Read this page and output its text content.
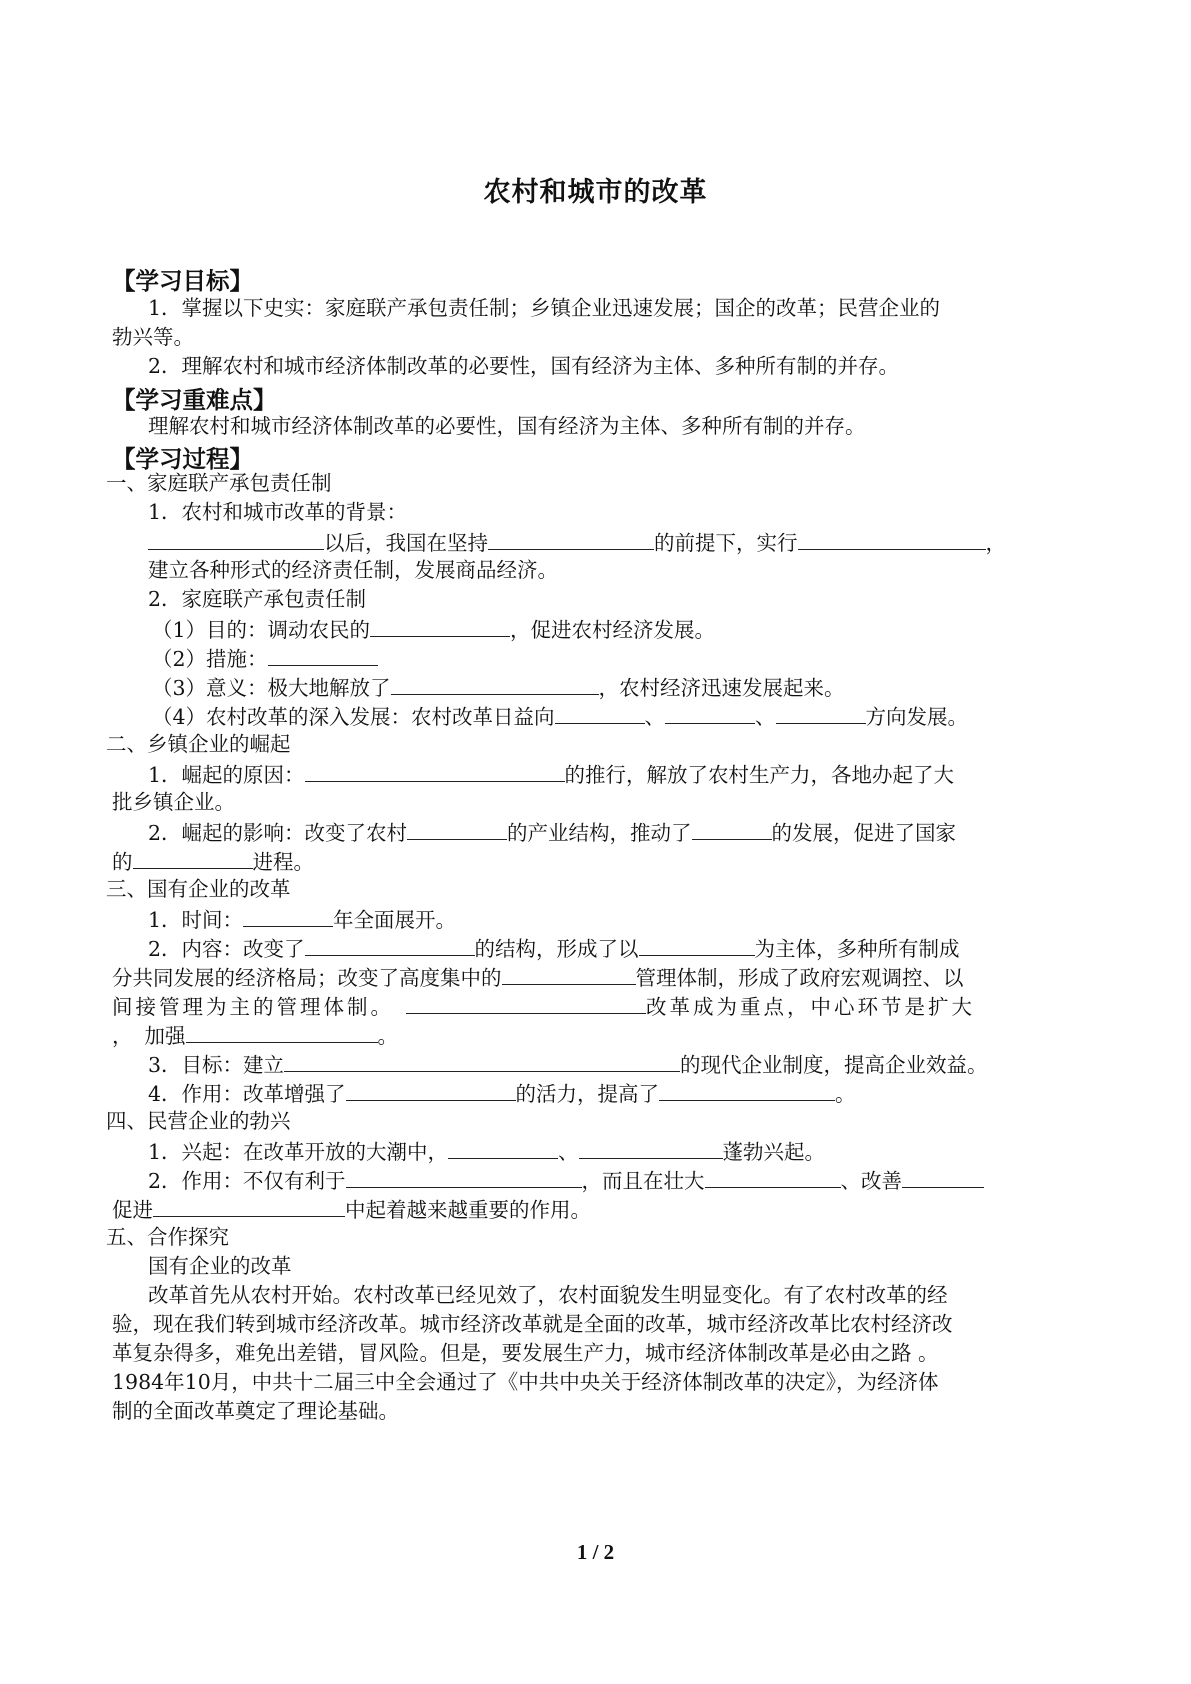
农村和城市的改革
【学习目标】
1．掌握以下史实：家庭联产承包责任制；乡镇企业迅速发展；国企的改革；民营企业的
勃兴等。
2．理解农村和城市经济体制改革的必要性，国有经济为主体、多种所有制的并存。
【学习重难点】
理解农村和城市经济体制改革的必要性，国有经济为主体、多种所有制的并存。
【学习过程】
一、家庭联产承包责任制
1．农村和城市改革的背景：
以后，我国在坚持	的前提下，实行	，
建立各种形式的经济责任制，发展商品经济。
2．家庭联产承包责任制
（1）目的：调动农民的	，促进农村经济发展。
（2）措施：
（3）意义：极大地解放了	，农村经济迅速发展起来。
（4）农村改革的深入发展：农村改革日益向	、	、	方向发展。
二、乡镇企业的崛起
1．崛起的原因：	的推行，解放了农村生产力，各地办起了大
批乡镇企业。
2．崛起的影响：改变了农村	的产业结构，推动了	的发展，促进了国家
的	进程。
三、国有企业的改革
1．时间：	年全面展开。
2．内容：改变了	的结构，形成了以	为主体，多种所有制成
分共同发展的经济格局；改变了高度集中的	管理体制，形成了政府宏观调控、以
间接管理为主的管理体制。	改革成为重点，中心环节是扩大
， 加强	。
3．目标：建立	的现代企业制度，提高企业效益。
4．作用：改革增强了	的活力，提高了	。
四、民营企业的勃兴
1．兴起：在改革开放的大潮中，	、	蓬勃兴起。
2．作用：不仅有利于	，而且在壮大	、改善
促进	中起着越来越重要的作用。
五、合作探究
国有企业的改革
改革首先从农村开始。农村改革已经见效了，农村面貌发生明显变化。有了农村改革的经
验，现在我们转到城市经济改革。城市经济改革就是全面的改革，城市经济改革比农村经济改
革复杂得多，难免出差错，冒风险。但是，要发展生产力，城市经济体制改革是必由之路 。
1984年10月，中共十二届三中全会通过了《中共中央关于经济体制改革的决定》，为经济体
制的全面改革奠定了理论基础。
1 / 2
